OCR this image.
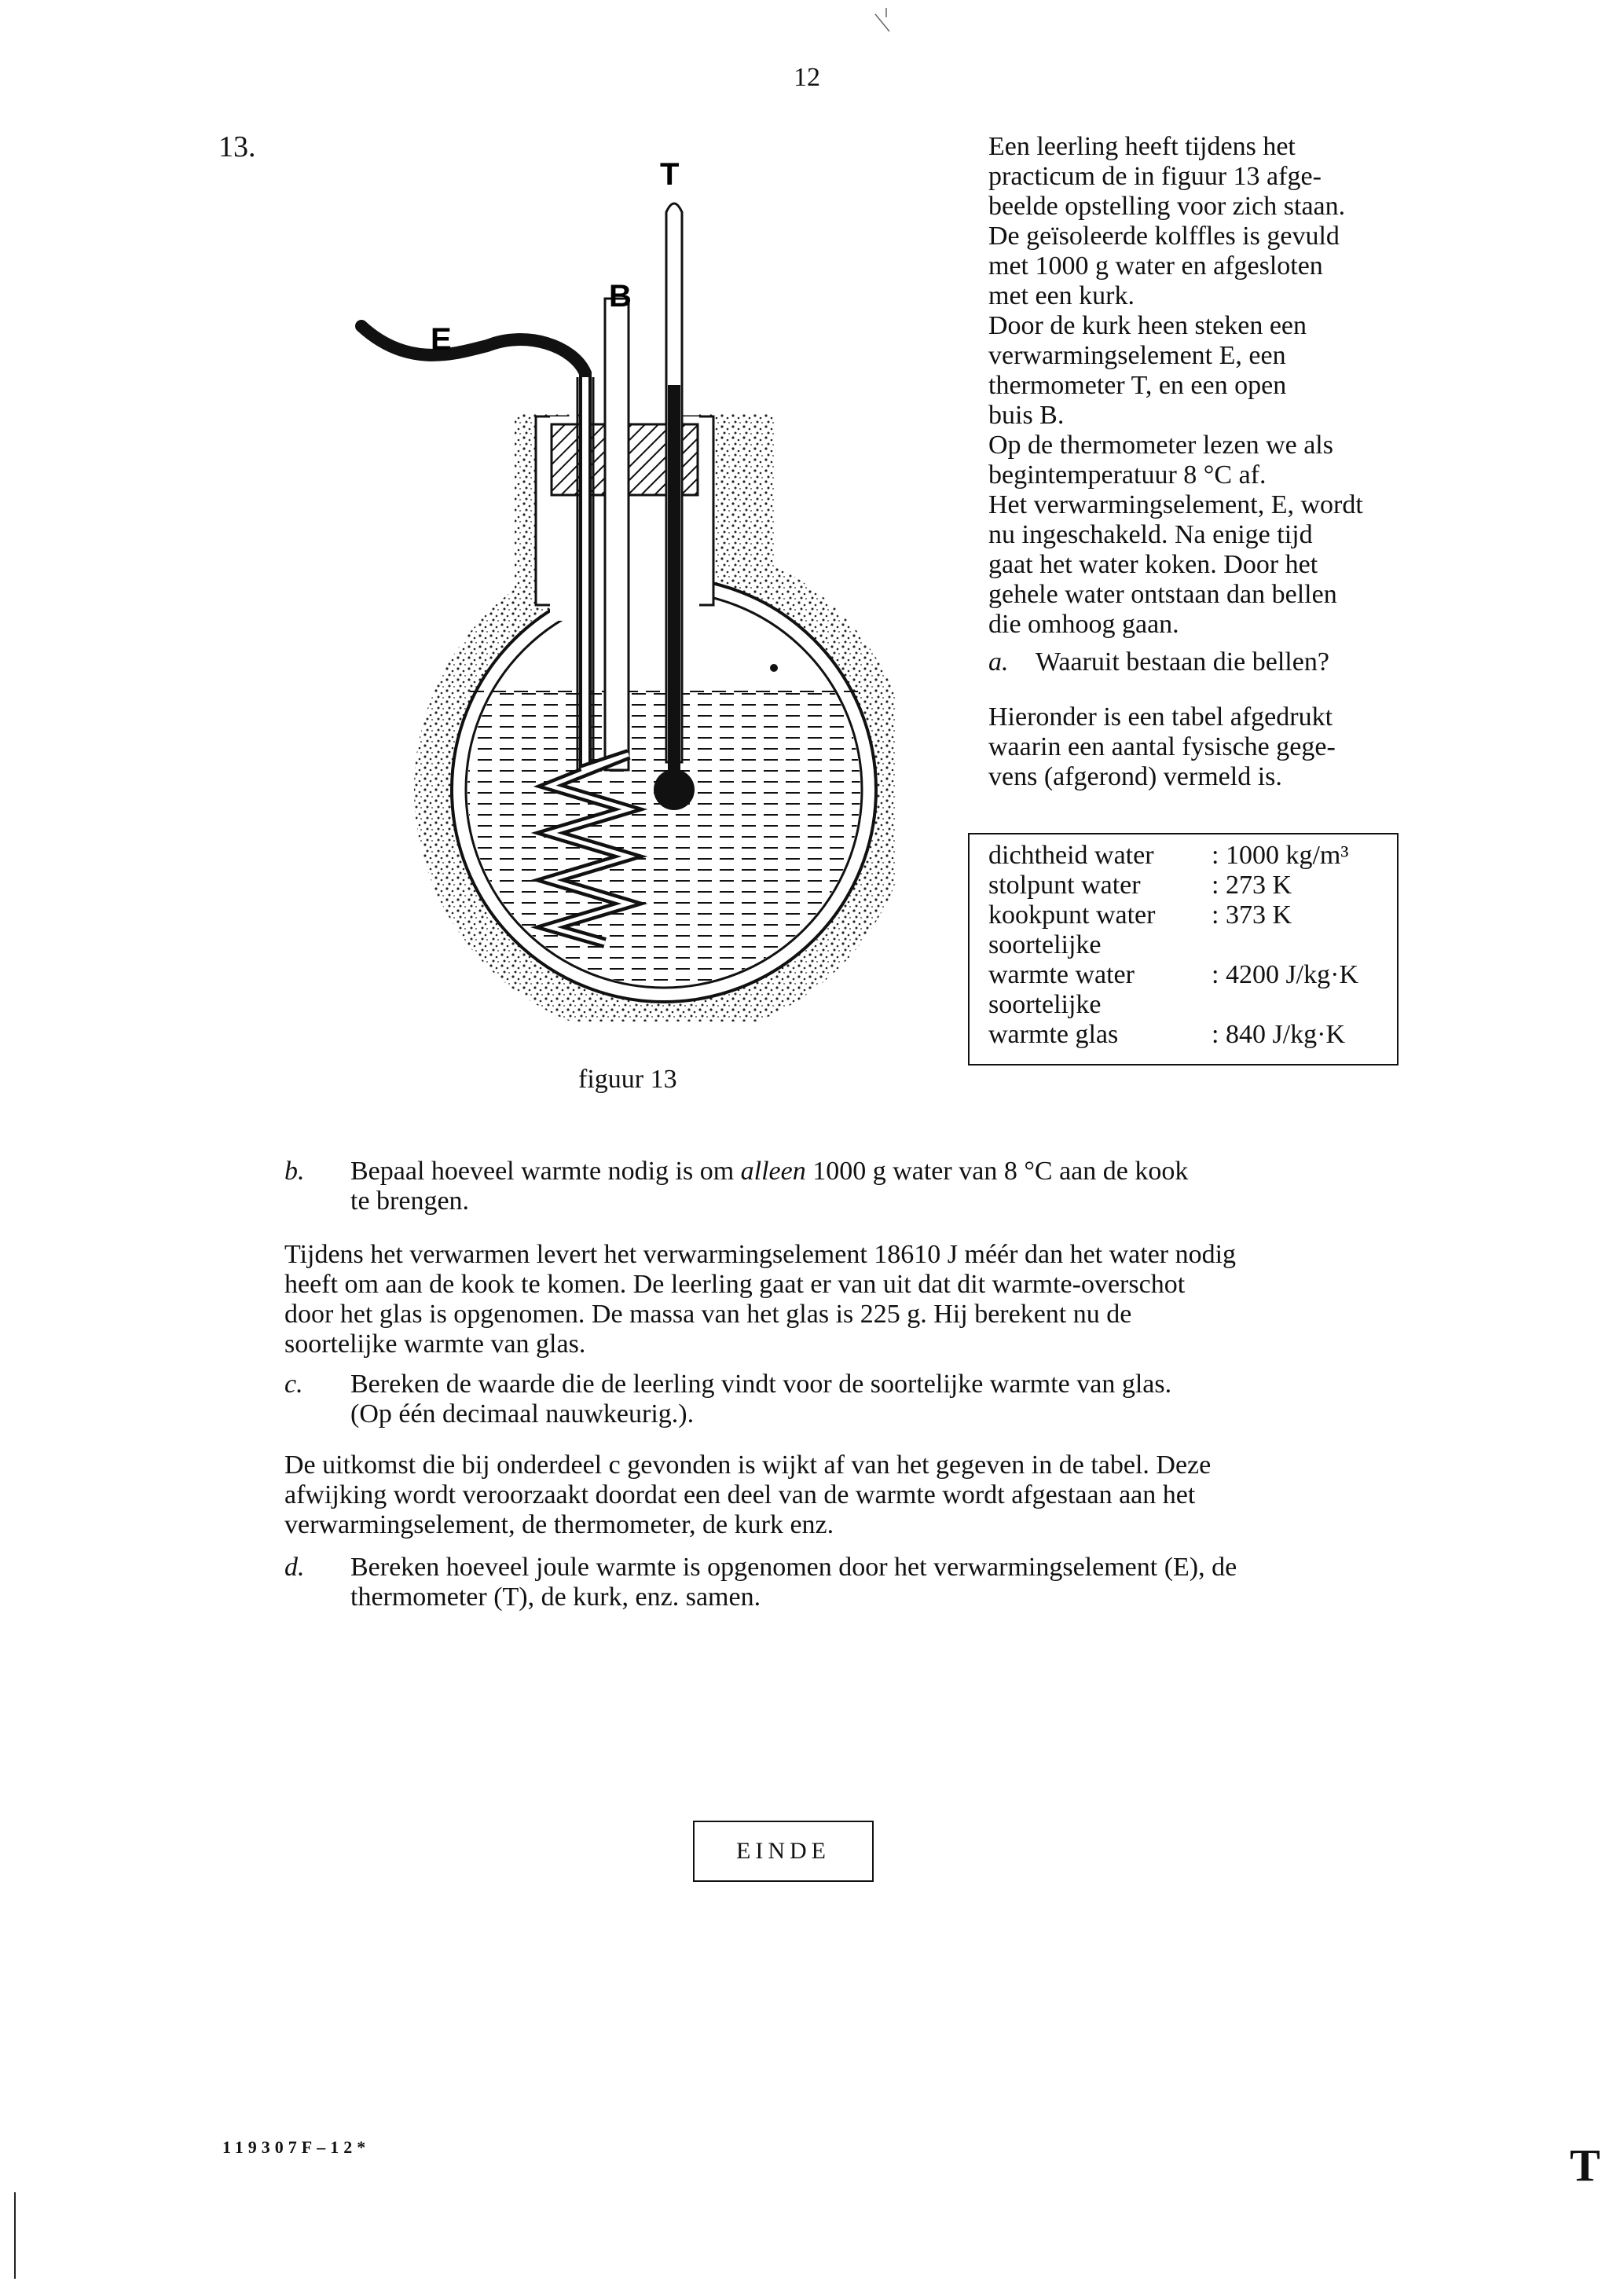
12
13.
T
B
E
figuur 13
Een leerling heeft tijdens het
practicum de in figuur 13 afge-
beelde opstelling voor zich staan.
De geïsoleerde kolffles is gevuld
met 1000 g water en afgesloten
met een kurk.
Door de kurk heen steken een
verwarmingselement E, een
thermometer T, en een open
buis B.
Op de thermometer lezen we als
begintemperatuur 8 °C af.
Het verwarmingselement, E, wordt
nu ingeschakeld. Na enige tijd
gaat het water koken. Door het
gehele water ontstaan dan bellen
die omhoog gaan.
a. Waaruit bestaan die bellen?
Hieronder is een tabel afgedrukt
waarin een aantal fysische gege-
vens (afgerond) vermeld is.
dichtheid water : 1000 kg/m³
stolpunt water	: 273 K
kookpunt water : 373 K
soortelijke
warmte water	: 4200 J/kg·K
soortelijke
warmte glas	: 840 J/kg·K
b. Bepaal hoeveel warmte nodig is om alleen 1000 g water van 8 °C aan de kook
te brengen.
Tijdens het verwarmen levert het verwarmingselement 18610 J méér dan het water nodig
heeft om aan de kook te komen. De leerling gaat er van uit dat dit warmte-overschot
door het glas is opgenomen. De massa van het glas is 225 g. Hij berekent nu de
soortelijke warmte van glas.
c. Bereken de waarde die de leerling vindt voor de soortelijke warmte van glas.
(Op één decimaal nauwkeurig.).
De uitkomst die bij onderdeel c gevonden is wijkt af van het gegeven in de tabel. Deze
afwijking wordt veroorzaakt doordat een deel van de warmte wordt afgestaan aan het
verwarmingselement, de thermometer, de kurk enz.
d. Bereken hoeveel joule warmte is opgenomen door het verwarmingselement (E), de
thermometer (T), de kurk, enz. samen.
EINDE
119307F–12*	T
